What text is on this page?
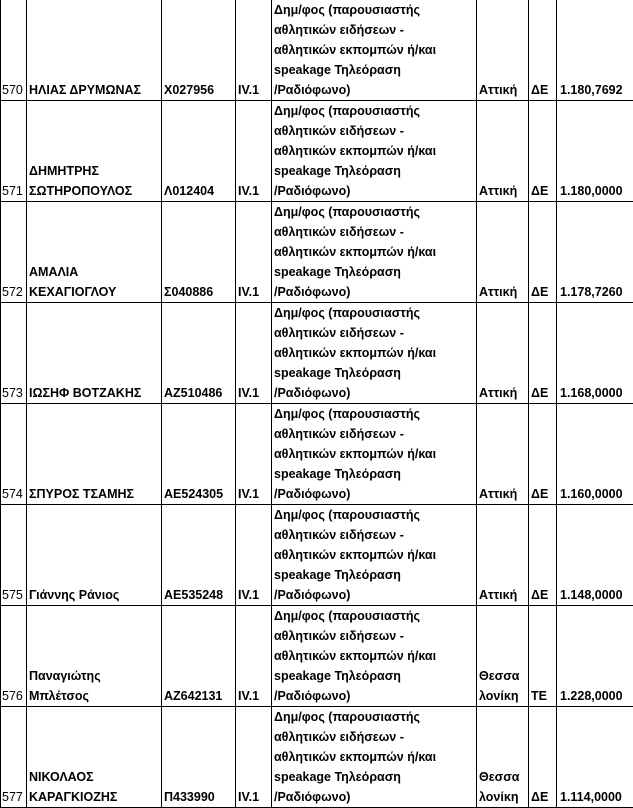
570	ΗΛΙΑΣ ΔΡΥΜΩΝΑΣ	Χ027956	IV.1	Δημ/φος (παρουσιαστής
αθλητικών ειδήσεων -
αθλητικών εκπομπών ή/και
speakage Τηλεόραση
/Ραδιόφωνο)	Αττική	ΔΕ	1.180,7692
571	ΔΗΜΗΤΡΗΣ ΣΩΤΗΡΟΠΟΥΛΟΣ	Λ012404	IV.1	Δημ/φος (παρουσιαστής
αθλητικών ειδήσεων -
αθλητικών εκπομπών ή/και
speakage Τηλεόραση
/Ραδιόφωνο)	Αττική	ΔΕ	1.180,0000
572	ΑΜΑΛΙΑ ΚΕΧΑΓΙΟΓΛΟΥ	Σ040886	IV.1	Δημ/φος (παρουσιαστής
αθλητικών ειδήσεων -
αθλητικών εκπομπών ή/και
speakage Τηλεόραση
/Ραδιόφωνο)	Αττική	ΔΕ	1.178,7260
573	ΙΩΣΗΦ ΒΟΤΖΑΚΗΣ	ΑΖ510486	IV.1	Δημ/φος (παρουσιαστής
αθλητικών ειδήσεων -
αθλητικών εκπομπών ή/και
speakage Τηλεόραση
/Ραδιόφωνο)	Αττική	ΔΕ	1.168,0000
574	ΣΠΥΡΟΣ ΤΣΑΜΗΣ	ΑΕ524305	IV.1	Δημ/φος (παρουσιαστής
αθλητικών ειδήσεων -
αθλητικών εκπομπών ή/και
speakage Τηλεόραση
/Ραδιόφωνο)	Αττική	ΔΕ	1.160,0000
575	Γιάννης Ράνιος	ΑΕ535248	IV.1	Δημ/φος (παρουσιαστής
αθλητικών ειδήσεων -
αθλητικών εκπομπών ή/και
speakage Τηλεόραση
/Ραδιόφωνο)	Αττική	ΔΕ	1.148,0000
576	Παναγιώτης Μπλέτσος	ΑΖ642131	IV.1	Δημ/φος (παρουσιαστής
αθλητικών ειδήσεων -
αθλητικών εκπομπών ή/και
speakage Τηλεόραση
/Ραδιόφωνο)	Θεσσα λονίκη	ΤΕ	1.228,0000
577	ΝΙΚΟΛΑΟΣ ΚΑΡΑΓΚΙΟΖΗΣ	Π433990	IV.1	Δημ/φος (παρουσιαστής
αθλητικών ειδήσεων -
αθλητικών εκπομπών ή/και
speakage Τηλεόραση
/Ραδιόφωνο)	Θεσσα λονίκη	ΔΕ	1.114,0000
